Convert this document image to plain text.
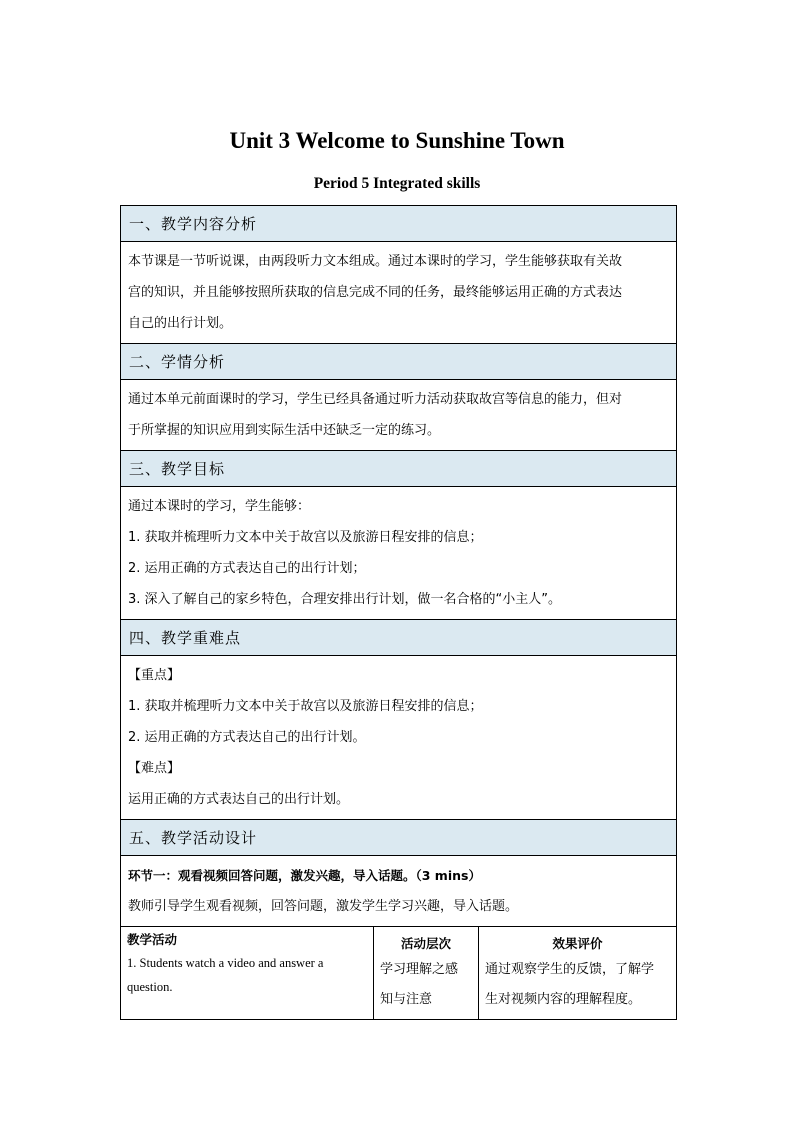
Unit 3 Welcome to Sunshine Town
Period 5 Integrated skills
一、教学内容分析

本节课是一节听说课，由两段听力文本组成。通过本课时的学习，学生能够获取有关故

宫的知识，并且能够按照所获取的信息完成不同的任务，最终能够运用正确的方式表达

自己的出行计划。

二、学情分析

通过本单元前面课时的学习，学生已经具备通过听力活动获取故宫等信息的能力，但对

于所掌握的知识应用到实际生活中还缺乏一定的练习。

三、教学目标

通过本课时的学习，学生能够：

1. 获取并梳理听力文本中关于故宫以及旅游日程安排的信息；

2. 运用正确的方式表达自己的出行计划；

3. 深入了解自己的家乡特色，合理安排出行计划，做一名合格的“小主人”。

四、教学重难点

【重点】

1. 获取并梳理听力文本中关于故宫以及旅游日程安排的信息；

2. 运用正确的方式表达自己的出行计划。

【难点】

运用正确的方式表达自己的出行计划。

五、教学活动设计

环节一：观看视频回答问题，激发兴趣，导入话题。（3 mins）

教师引导学生观看视频，回答问题，激发学生学习兴趣，导入话题。

教学活动
1. Students watch a video and answer a question.
活动层次
学习理解之感
知与注意
效果评价
通过观察学生的反馈，了解学
生对视频内容的理解程度。
